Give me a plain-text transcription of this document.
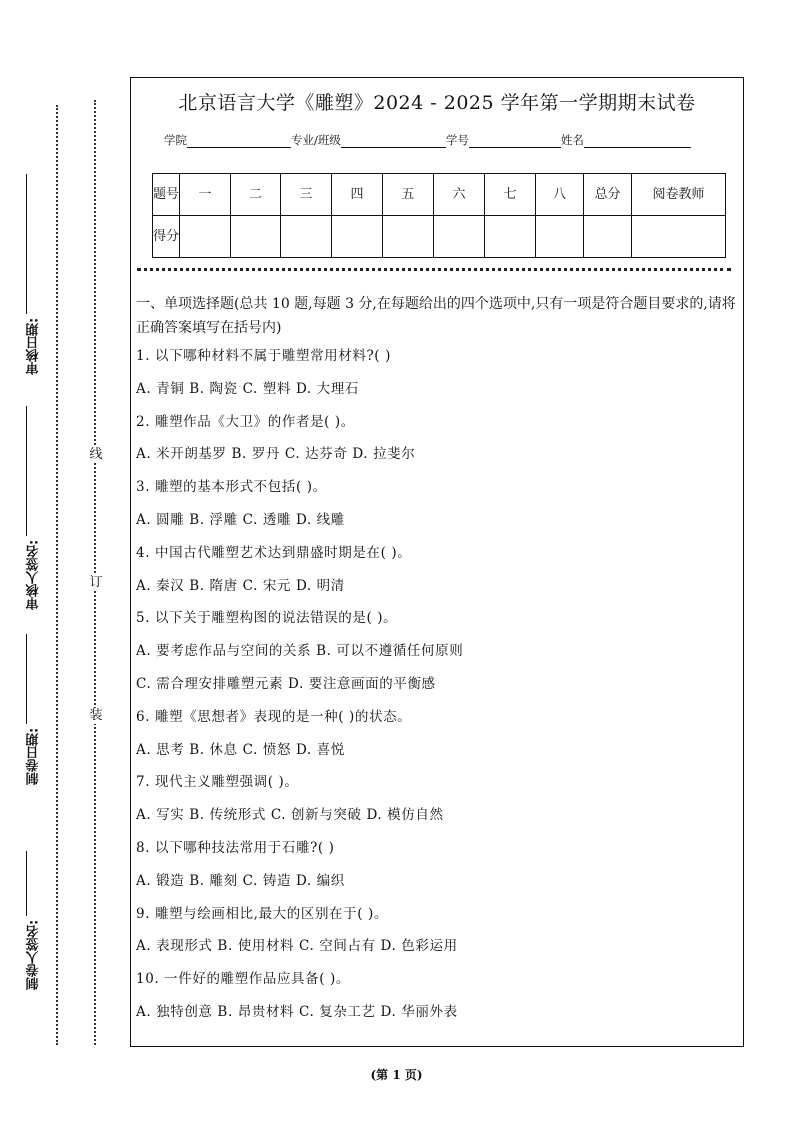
审核日期:
审核人签名:
制卷日期:
制卷人签名:
线
订
装
北京语言大学《雕塑》2024 - 2025 学年第一学期期末试卷
学院	专业/班级	学号	姓名
题号	一	二	三	四	五	六	七	八	总分	阅卷教师
得分										
一、单项选择题(总共 10 题,每题 3 分,在每题给出的四个选项中,只有一项是符合题目要求的,请将正确答案填写在括号内)
1. 以下哪种材料不属于雕塑常用材料?( )
A. 青铜 B. 陶瓷 C. 塑料 D. 大理石
2. 雕塑作品《大卫》的作者是( )。
A. 米开朗基罗 B. 罗丹 C. 达芬奇 D. 拉斐尔
3. 雕塑的基本形式不包括( )。
A. 圆雕 B. 浮雕 C. 透雕 D. 线雕
4. 中国古代雕塑艺术达到鼎盛时期是在( )。
A. 秦汉 B. 隋唐 C. 宋元 D. 明清
5. 以下关于雕塑构图的说法错误的是( )。
A. 要考虑作品与空间的关系 B. 可以不遵循任何原则
C. 需合理安排雕塑元素 D. 要注意画面的平衡感
6. 雕塑《思想者》表现的是一种( )的状态。
A. 思考 B. 休息 C. 愤怒 D. 喜悦
7. 现代主义雕塑强调( )。
A. 写实 B. 传统形式 C. 创新与突破 D. 模仿自然
8. 以下哪种技法常用于石雕?( )
A. 锻造 B. 雕刻 C. 铸造 D. 编织
9. 雕塑与绘画相比,最大的区别在于( )。
A. 表现形式 B. 使用材料 C. 空间占有 D. 色彩运用
10. 一件好的雕塑作品应具备( )。
A. 独特创意 B. 昂贵材料 C. 复杂工艺 D. 华丽外表
(第 1 页)
